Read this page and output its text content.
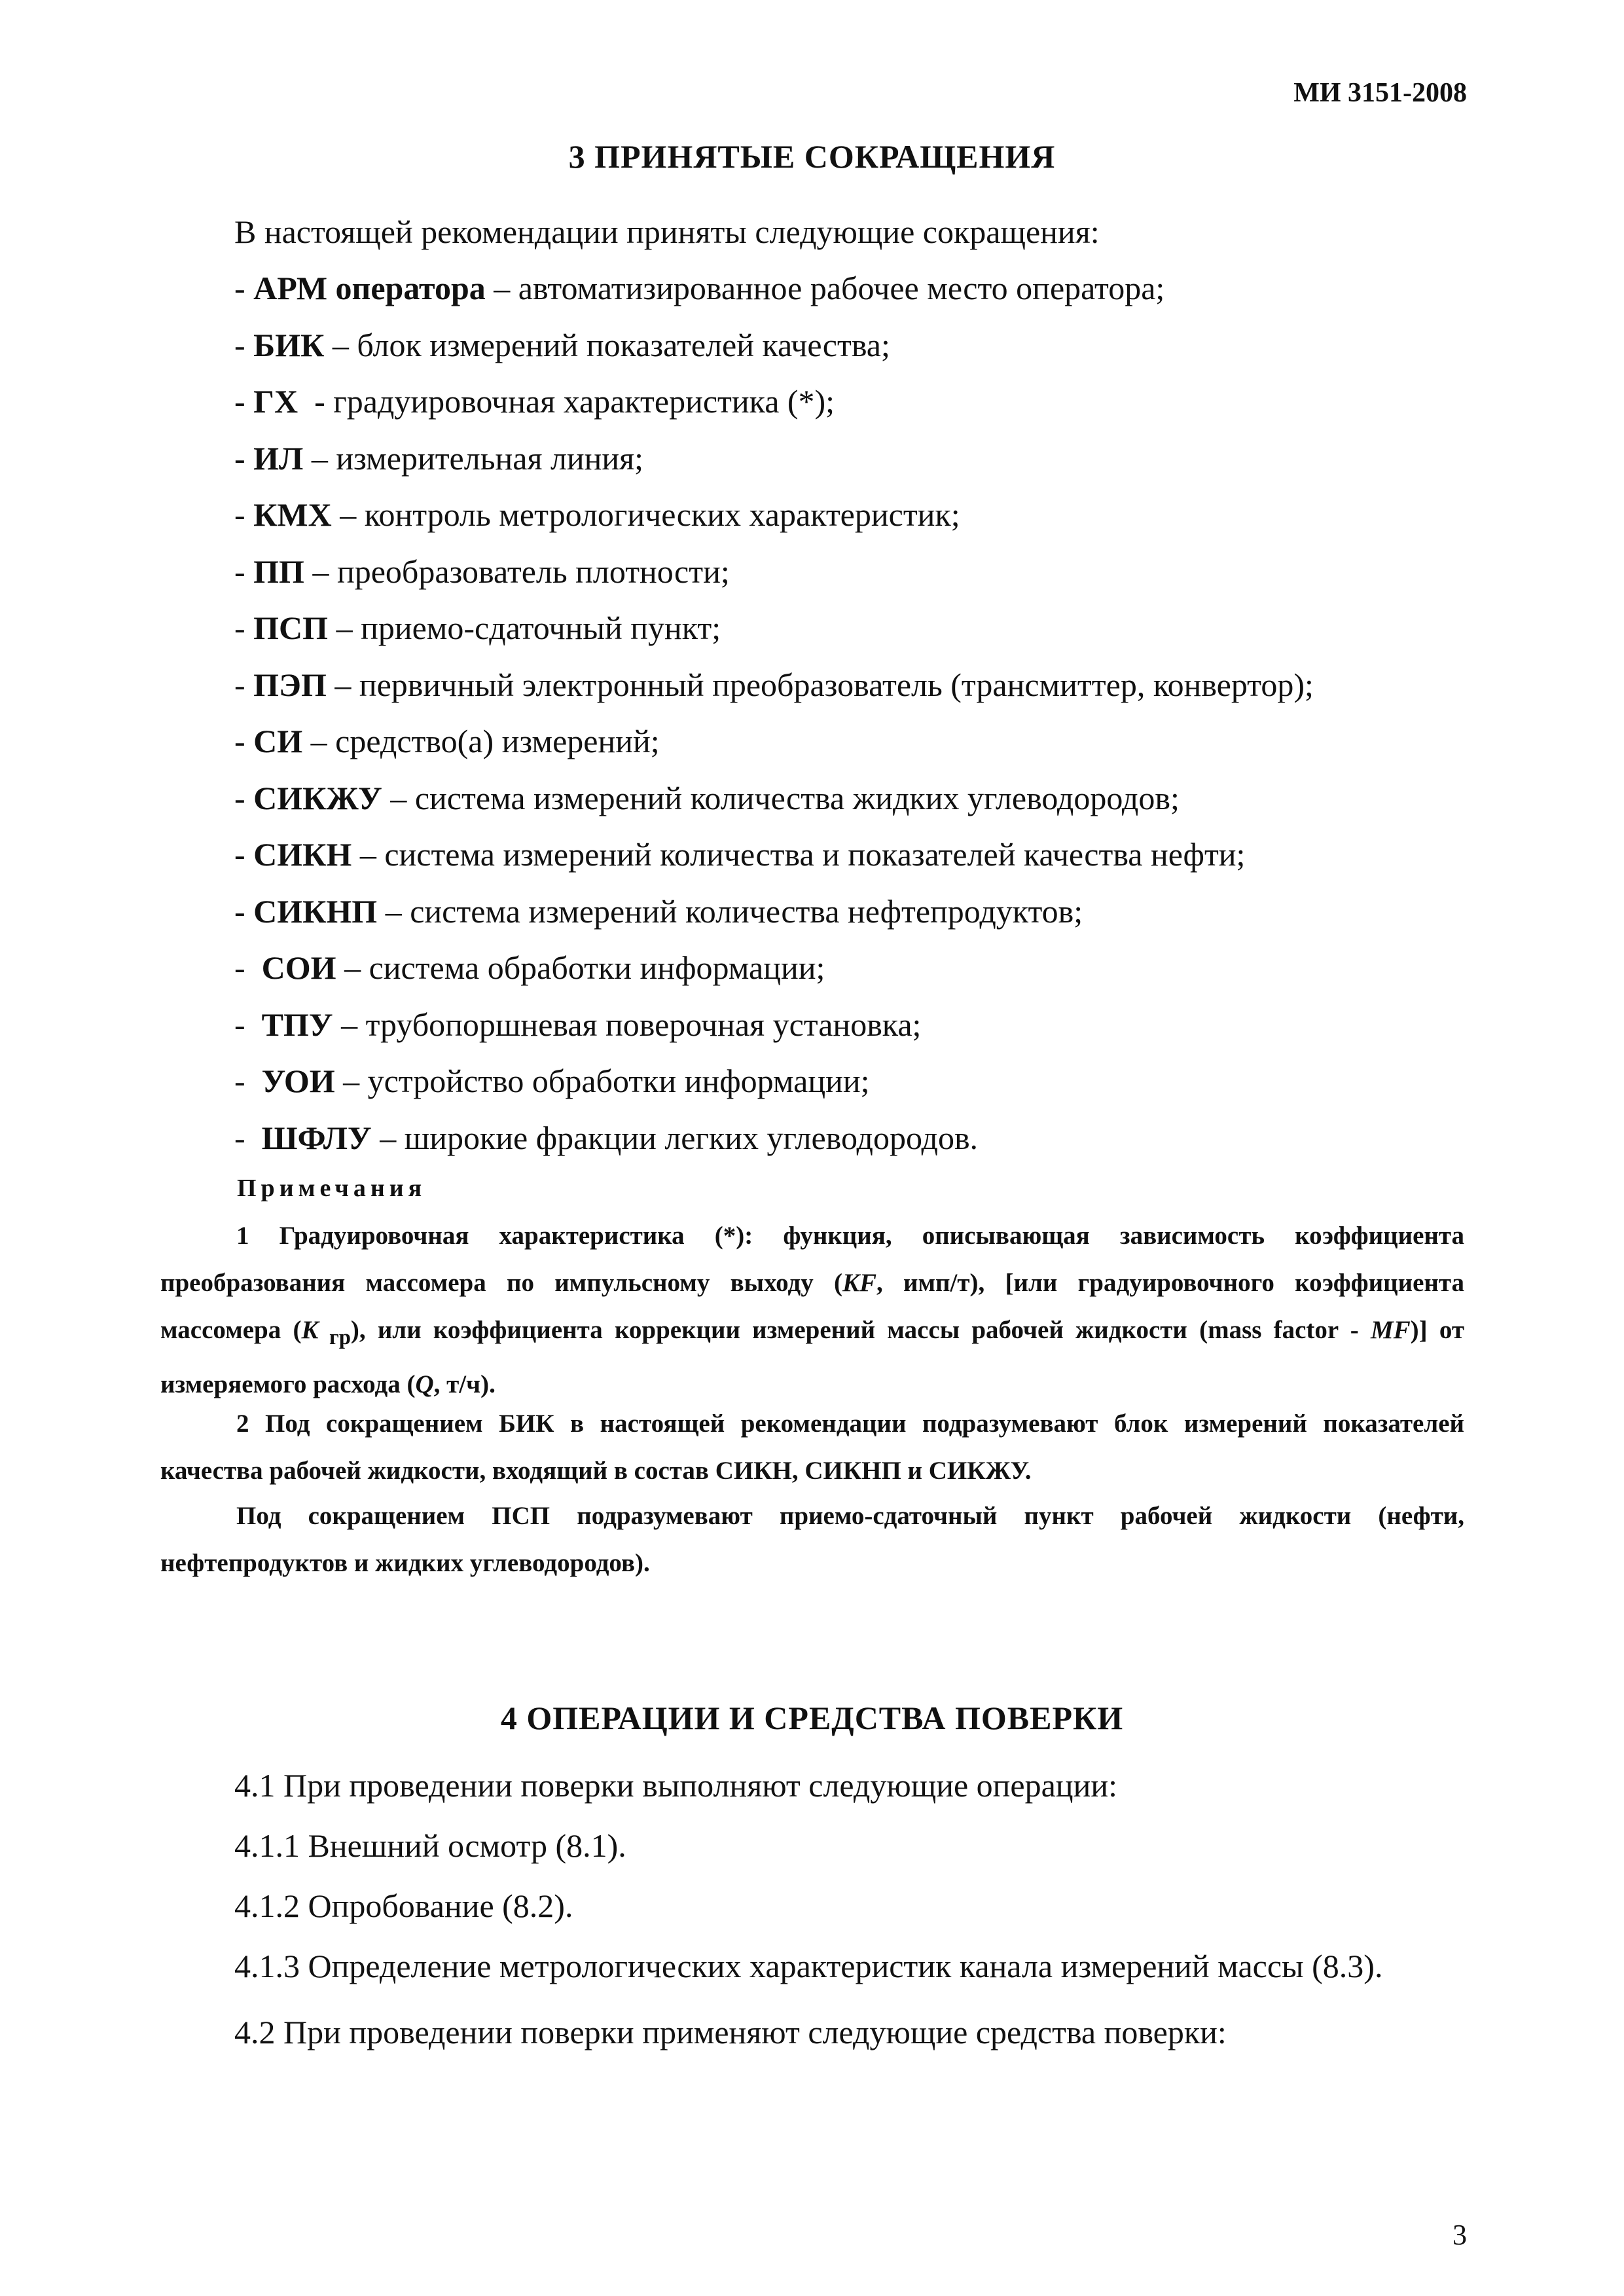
МИ 3151-2008
3 ПРИНЯТЫЕ СОКРАЩЕНИЯ
В настоящей рекомендации приняты следующие сокращения:
- АРМ оператора – автоматизированное рабочее место оператора;
- БИК – блок измерений показателей качества;
- ГХ  - градуировочная характеристика (*);
- ИЛ – измерительная линия;
- КМХ – контроль метрологических характеристик;
- ПП – преобразователь плотности;
- ПСП – приемо-сдаточный пункт;
- ПЭП – первичный электронный преобразователь (трансмиттер, конвертор);
- СИ – средство(а) измерений;
- СИКЖУ – система измерений количества жидких углеводородов;
- СИКН – система измерений количества и показателей качества нефти;
- СИКНП – система измерений количества нефтепродуктов;
-  СОИ – система обработки информации;
-  ТПУ – трубопоршневая поверочная установка;
-  УОИ – устройство обработки информации;
-  ШФЛУ – широкие фракции легких углеводородов.
Примечания

1 Градуировочная характеристика (*): функция, описывающая зависимость коэффициента преобразования массомера по импульсному выходу (KF, имп/т), [или градуировочного коэффициента массомера (K $_{гр}$), или коэффициента коррекции измерений массы рабочей жидкости (mass factor - MF)] от измеряемого расхода (Q, т/ч).

2 Под сокращением БИК в настоящей рекомендации подразумевают блок измерений показателей качества рабочей жидкости, входящий в состав СИКН, СИКНП и СИКЖУ.

Под сокращением ПСП подразумевают приемо-сдаточный пункт рабочей жидкости (нефти, нефтепродуктов и жидких углеводородов).

4 ОПЕРАЦИИ И СРЕДСТВА ПОВЕРКИ
4.1 При проведении поверки выполняют следующие операции:
4.1.1 Внешний осмотр (8.1).
4.1.2 Опробование (8.2).
4.1.3 Определение метрологических характеристик канала измерений массы (8.3).
4.2 При проведении поверки применяют следующие средства поверки:
3
